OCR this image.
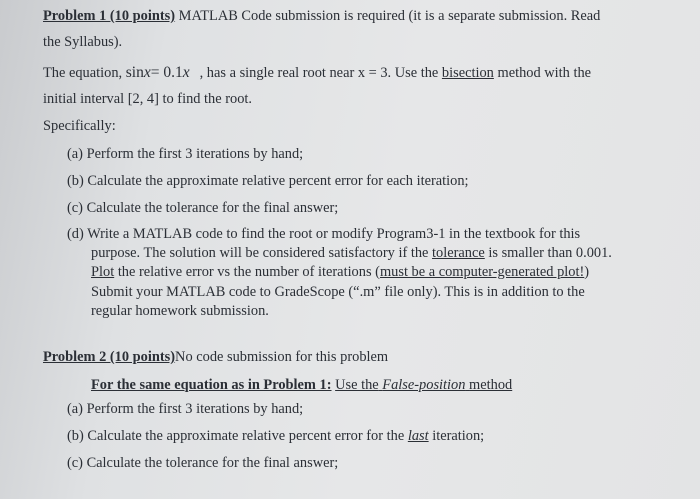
Problem 1 (10 points) MATLAB Code submission is required (it is a separate submission. Read
the Syllabus).
The equation, sinx= 0.1x , has a single real root near x = 3. Use the bisection method with the
initial interval [2, 4] to find the root.
Specifically:
(a) Perform the first 3 iterations by hand;
(b) Calculate the approximate relative percent error for each iteration;
(c) Calculate the tolerance for the final answer;
(d) Write a MATLAB code to find the root or modify Program3-1 in the textbook for this
purpose. The solution will be considered satisfactory if the tolerance is smaller than 0.001.
Plot the relative error vs the number of iterations (must be a computer-generated plot!)
Submit your MATLAB code to GradeScope (“.m” file only). This is in addition to the
regular homework submission.
Problem 2 (10 points)No code submission for this problem
For the same equation as in Problem 1: Use the False-position method
(a) Perform the first 3 iterations by hand;
(b) Calculate the approximate relative percent error for the last iteration;
(c) Calculate the tolerance for the final answer;
